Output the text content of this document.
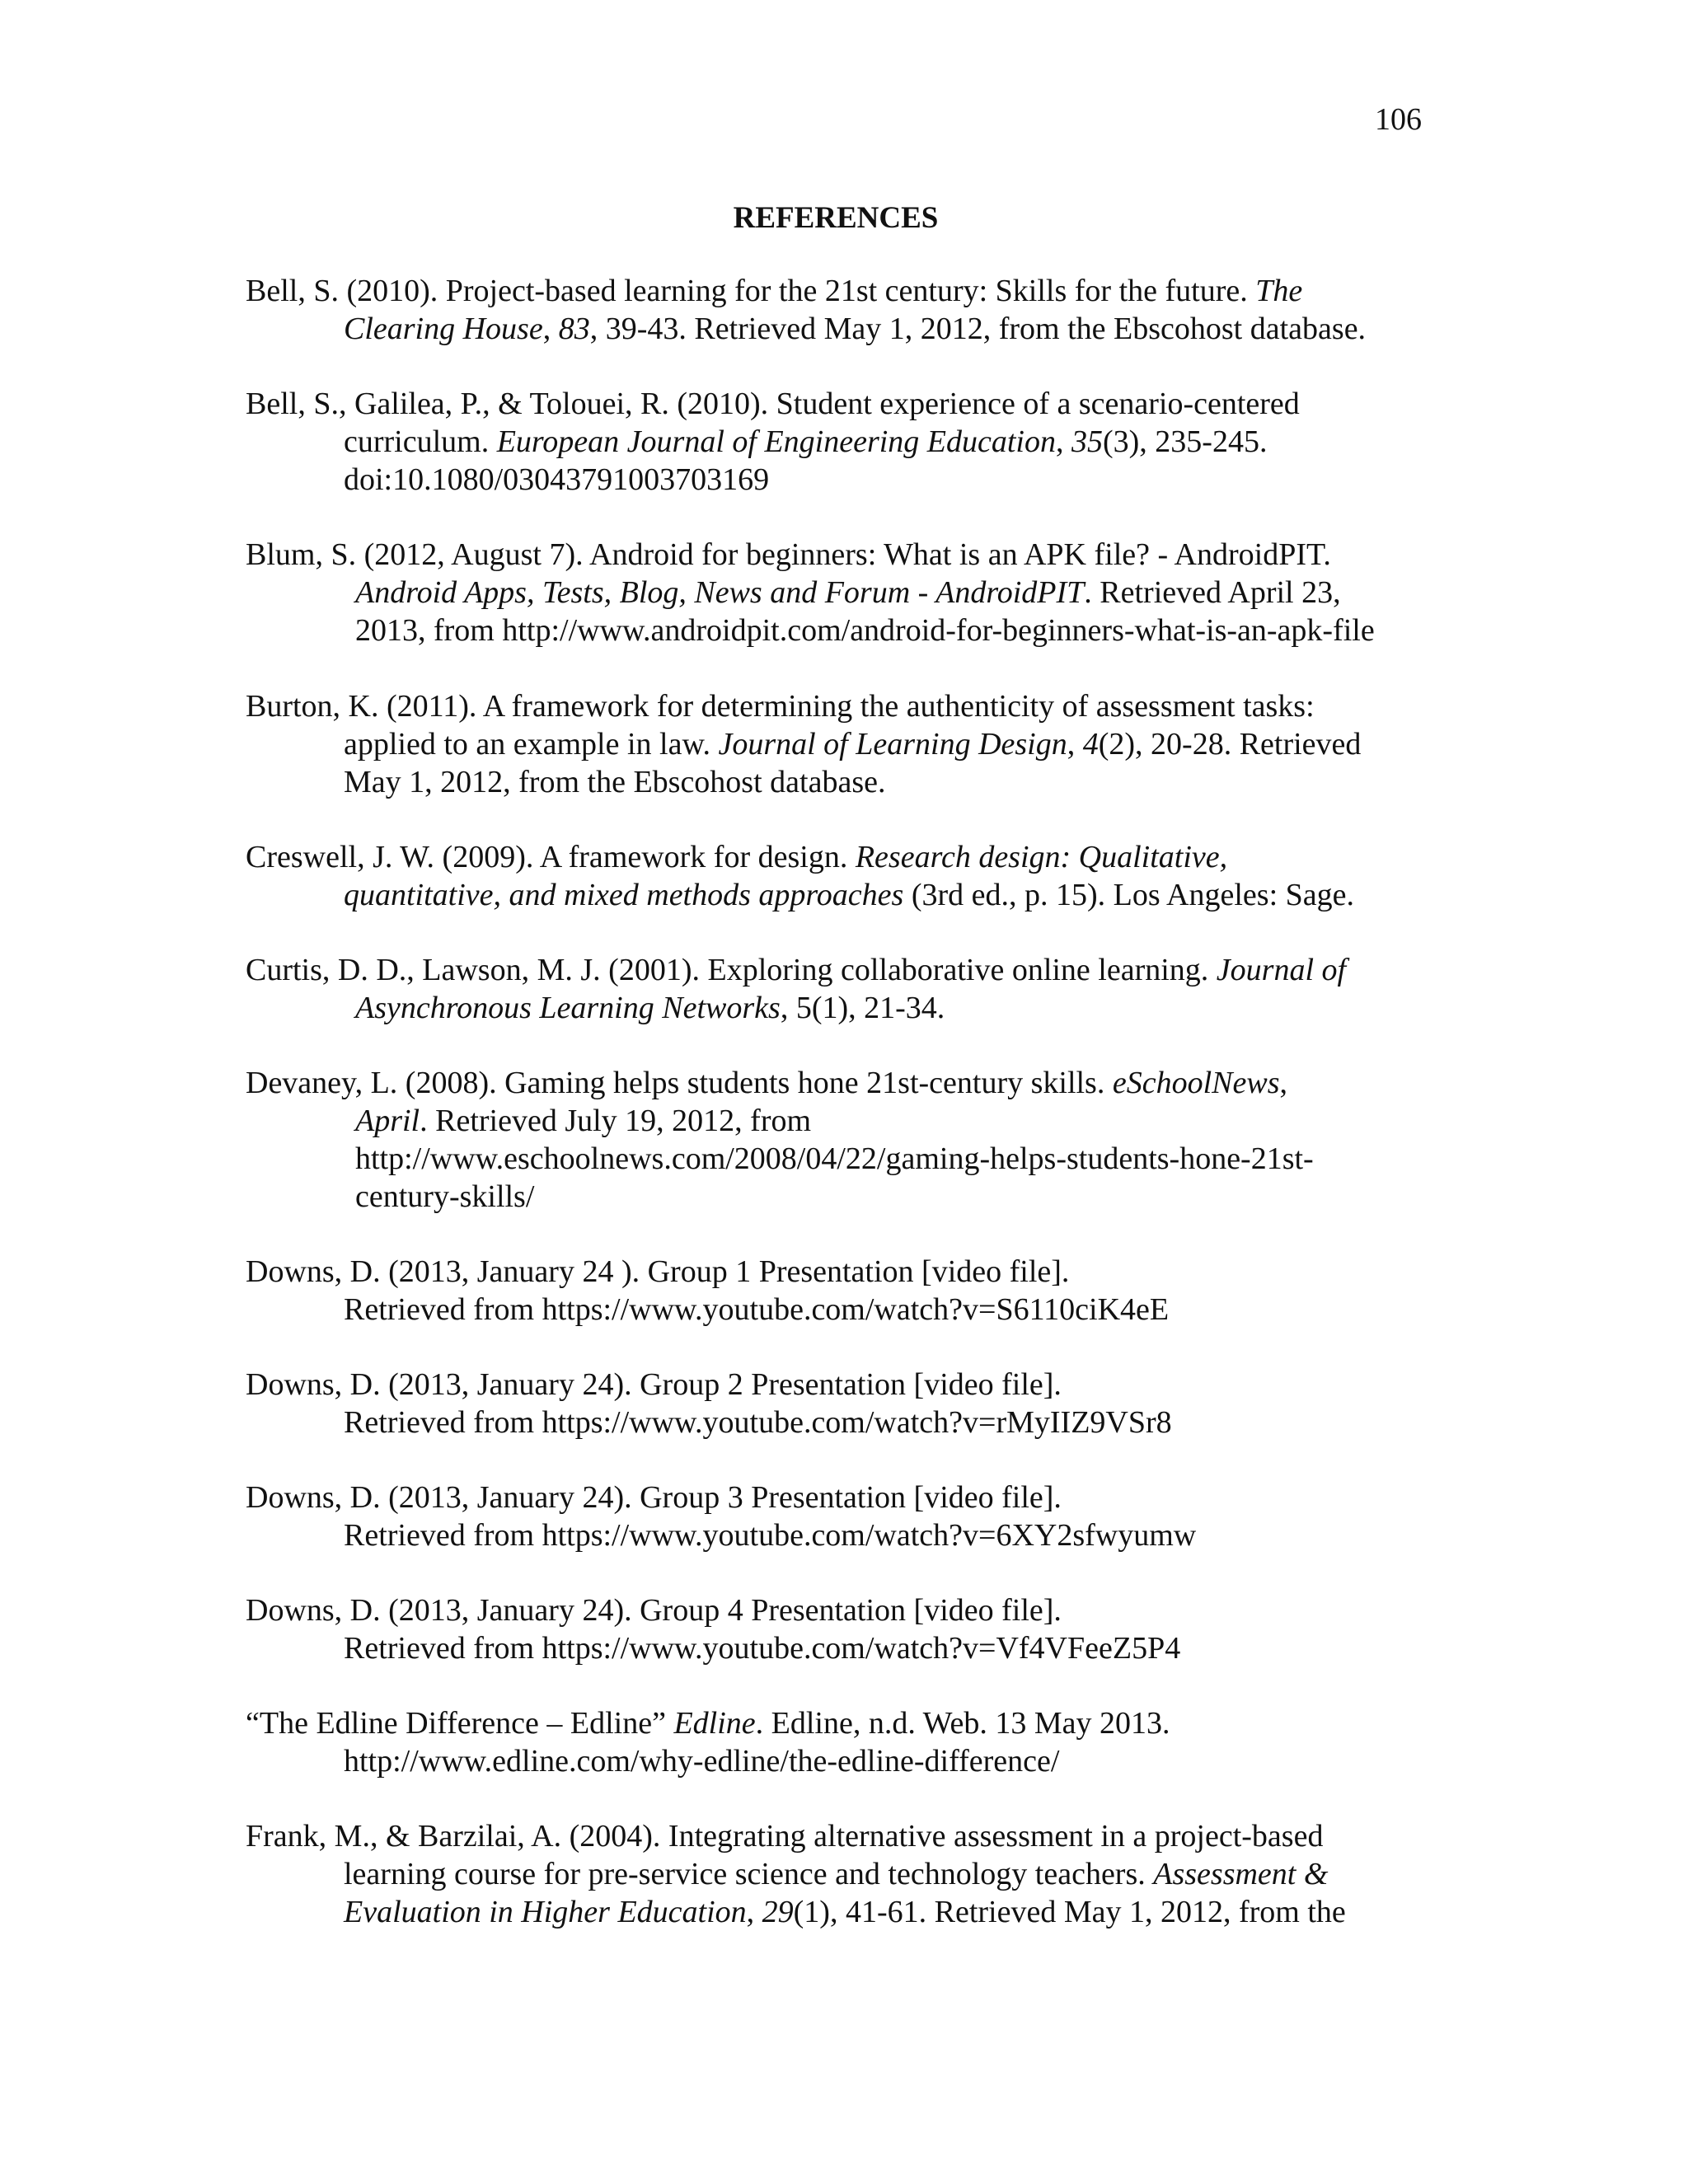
106
REFERENCES
Bell, S. (2010). Project-based learning for the 21st century: Skills for the future. The
Clearing House, 83, 39-43. Retrieved May 1, 2012, from the Ebscohost database.
Bell, S., Galilea, P., & Tolouei, R. (2010). Student experience of a scenario-centered
curriculum. European Journal of Engineering Education, 35(3), 235-245.
doi:10.1080/03043791003703169
Blum, S. (2012, August 7). Android for beginners: What is an APK file? - AndroidPIT.
Android Apps, Tests, Blog, News and Forum - AndroidPIT. Retrieved April 23,
2013, from http://www.androidpit.com/android-for-beginners-what-is-an-apk-file
Burton, K. (2011). A framework for determining the authenticity of assessment tasks:
applied to an example in law. Journal of Learning Design, 4(2), 20-28. Retrieved
May 1, 2012, from the Ebscohost database.
Creswell, J. W. (2009). A framework for design. Research design: Qualitative,
quantitative, and mixed methods approaches (3rd ed., p. 15). Los Angeles: Sage.
Curtis, D. D., Lawson, M. J. (2001). Exploring collaborative online learning. Journal of
Asynchronous Learning Networks, 5(1), 21-34.
Devaney, L. (2008). Gaming helps students hone 21st-century skills. eSchoolNews,
April. Retrieved July 19, 2012, from
http://www.eschoolnews.com/2008/04/22/gaming-helps-students-hone-21st-
century-skills/
Downs, D. (2013, January 24 ). Group 1 Presentation [video file].
Retrieved from https://www.youtube.com/watch?v=S6110ciK4eE
Downs, D. (2013, January 24). Group 2 Presentation [video file].
Retrieved from https://www.youtube.com/watch?v=rMyIIZ9VSr8
Downs, D. (2013, January 24). Group 3 Presentation [video file].
Retrieved from https://www.youtube.com/watch?v=6XY2sfwyumw
Downs, D. (2013, January 24). Group 4 Presentation [video file].
Retrieved from https://www.youtube.com/watch?v=Vf4VFeeZ5P4
“The Edline Difference – Edline” Edline. Edline, n.d. Web. 13 May 2013.
http://www.edline.com/why-edline/the-edline-difference/
Frank, M., & Barzilai, A. (2004). Integrating alternative assessment in a project-based
learning course for pre-service science and technology teachers. Assessment &
Evaluation in Higher Education, 29(1), 41-61. Retrieved May 1, 2012, from the
